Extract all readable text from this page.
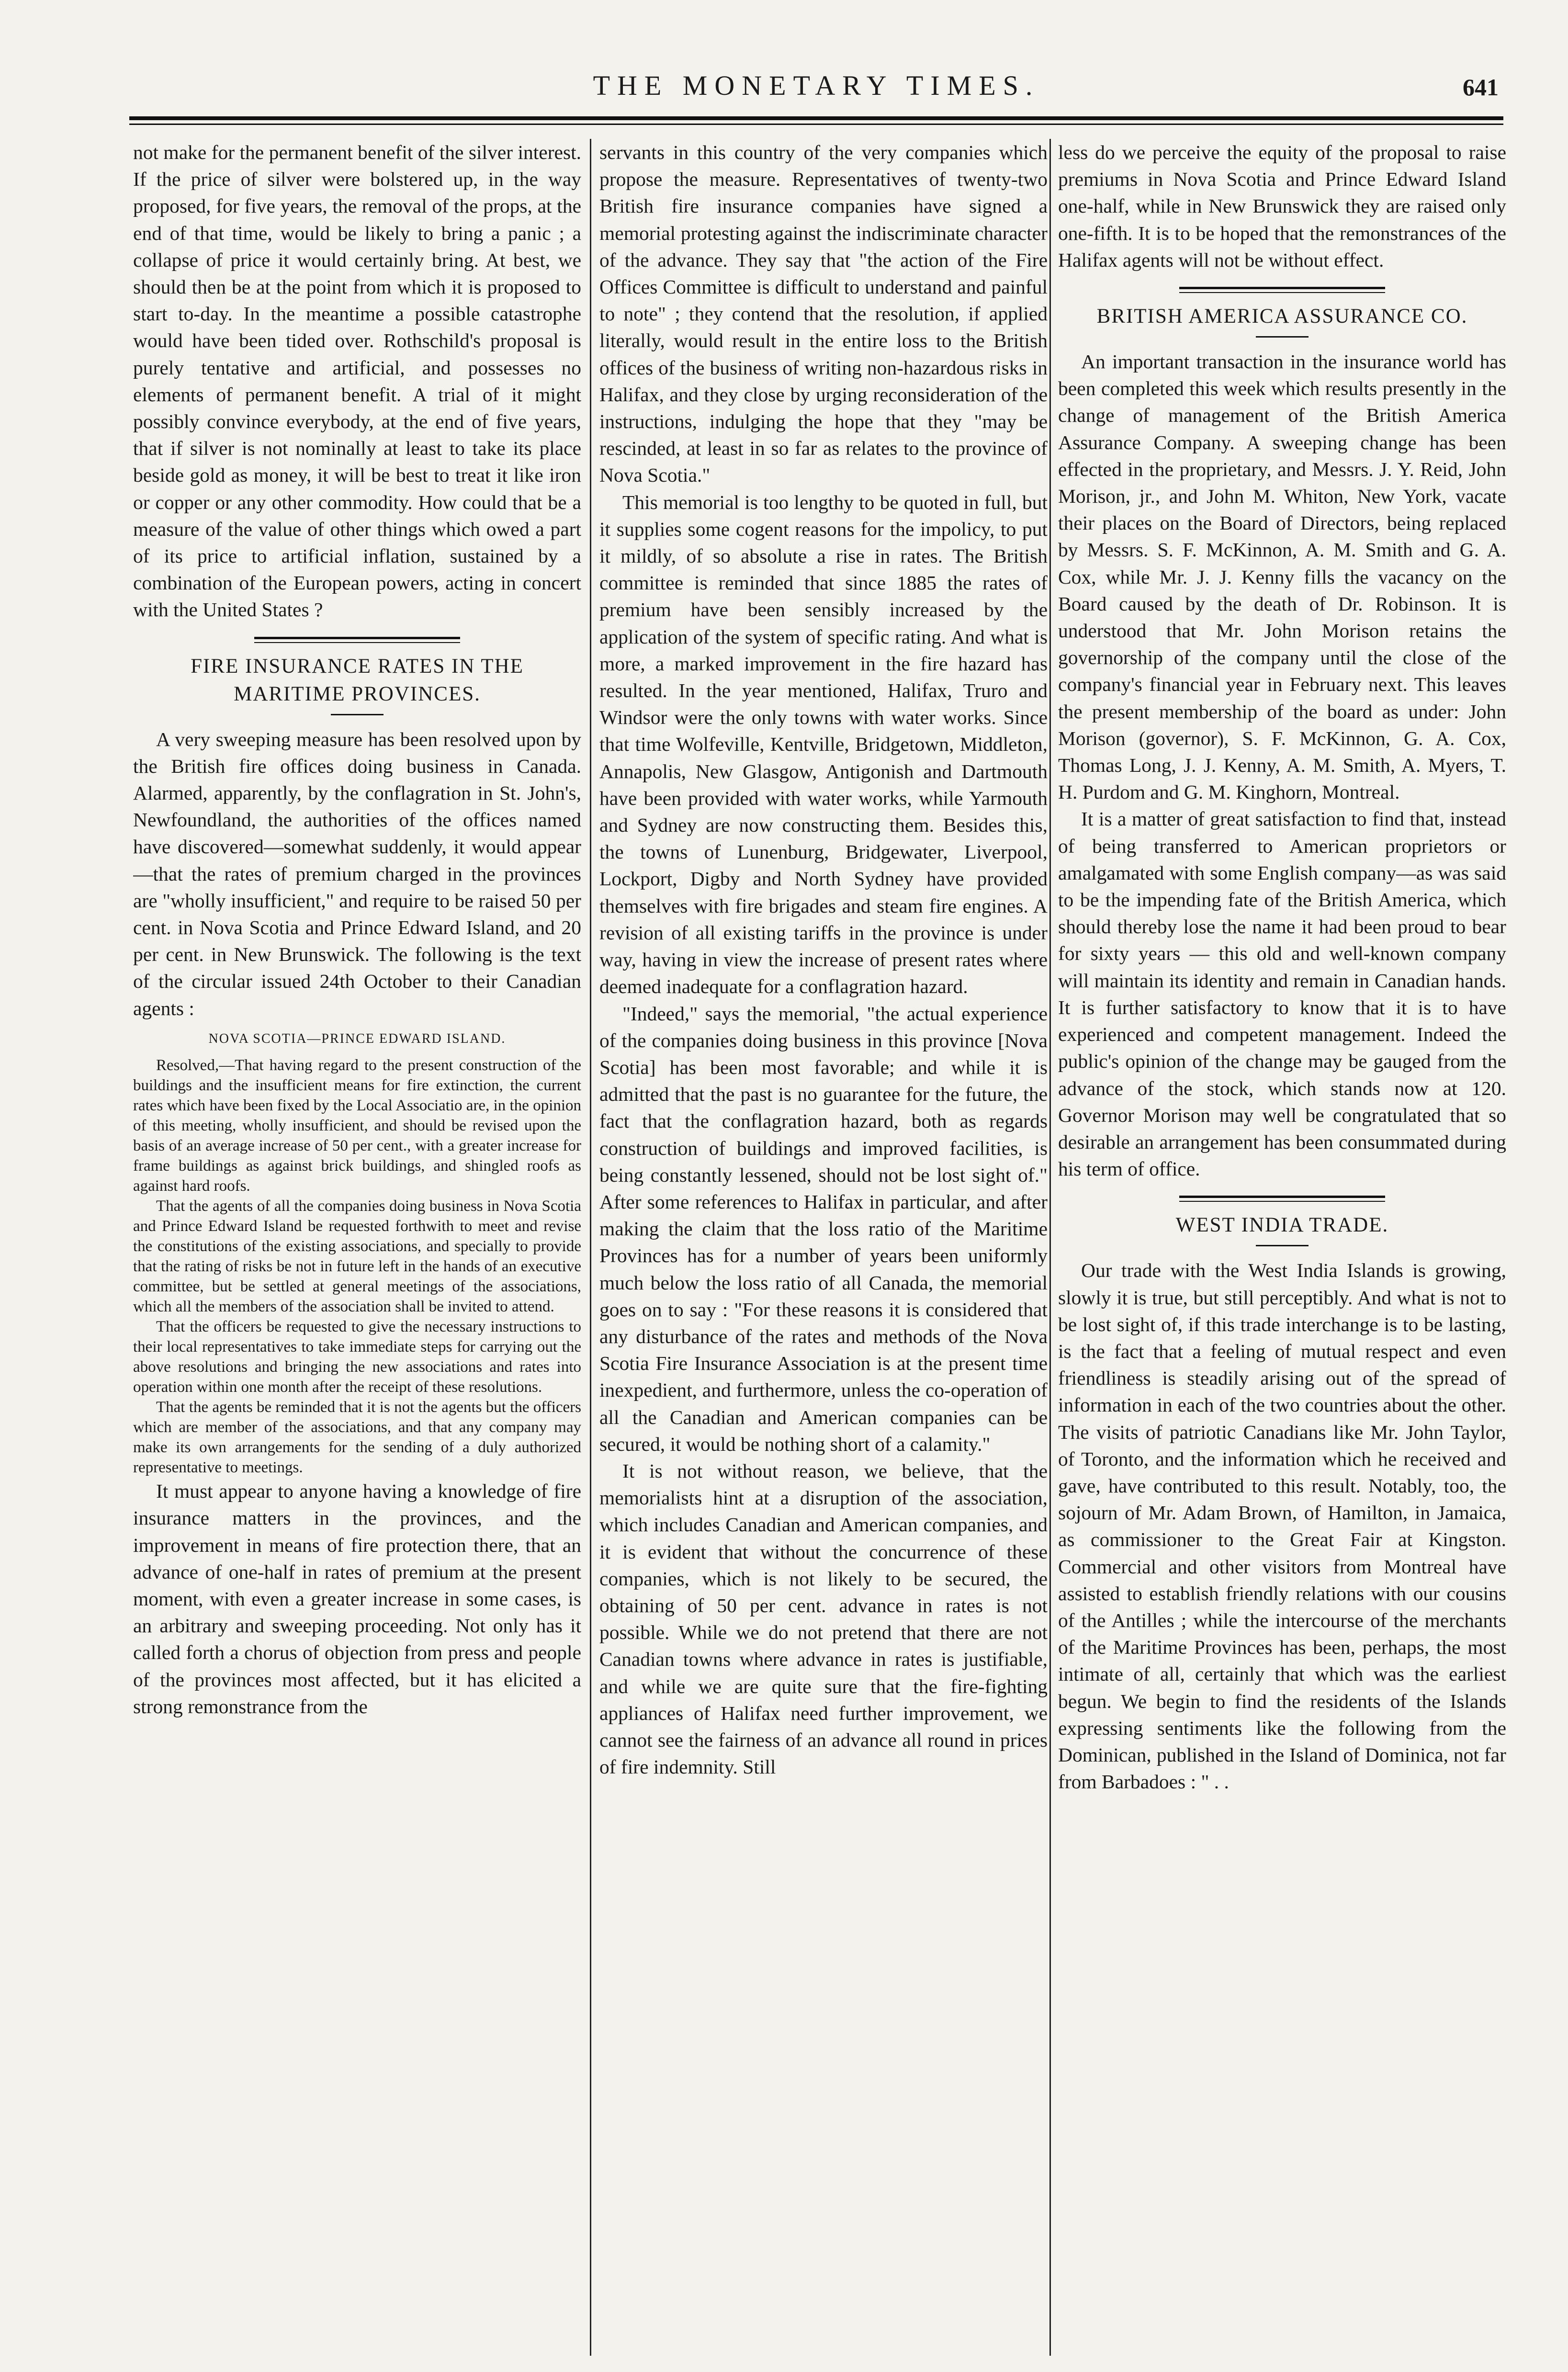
THE MONETARY TIMES.	641

not make for the permanent benefit of the silver interest. If the price of silver were bolstered up, in the way proposed, for five years, the removal of the props, at the end of that time, would be likely to bring a panic ; a collapse of price it would certainly bring. At best, we should then be at the point from which it is proposed to start to-day. In the meantime a possible catastrophe would have been tided over. Rothschild's proposal is purely tentative and artificial, and possesses no elements of permanent benefit. A trial of it might possibly convince everybody, at the end of five years, that if silver is not nominally at least to take its place beside gold as money, it will be best to treat it like iron or copper or any other commodity. How could that be a measure of the value of other things which owed a part of its price to artificial inflation, sustained by a combination of the European powers, acting in concert with the United States ?

FIRE INSURANCE RATES IN THE MARITIME PROVINCES.

A very sweeping measure has been resolved upon by the British fire offices doing business in Canada. Alarmed, apparently, by the conflagration in St. John's, Newfoundland, the authorities of the offices named have discovered—somewhat suddenly, it would appear—that the rates of premium charged in the provinces are "wholly insufficient," and require to be raised 50 per cent. in Nova Scotia and Prince Edward Island, and 20 per cent. in New Brunswick. The following is the text of the circular issued 24th October to their Canadian agents :

NOVA SCOTIA—PRINCE EDWARD ISLAND.

Resolved,—That having regard to the present construction of the buildings and the insufficient means for fire extinction, the current rates which have been fixed by the Local Associatio are, in the opinion of this meeting, wholly insufficient, and should be revised upon the basis of an average increase of 50 per cent., with a greater increase for frame buildings as against brick buildings, and shingled roofs as against hard roofs.

That the agents of all the companies doing business in Nova Scotia and Prince Edward Island be requested forthwith to meet and revise the constitutions of the existing associations, and specially to provide that the rating of risks be not in future left in the hands of an executive committee, but be settled at general meetings of the associations, which all the members of the association shall be invited to attend.

That the officers be requested to give the necessary instructions to their local representatives to take immediate steps for carrying out the above resolutions and bringing the new associations and rates into operation within one month after the receipt of these resolutions.

That the agents be reminded that it is not the agents but the officers which are member of the associations, and that any company may make its own arrangements for the sending of a duly authorized representative to meetings.

It must appear to anyone having a knowledge of fire insurance matters in the provinces, and the improvement in means of fire protection there, that an advance of one-half in rates of premium at the present moment, with even a greater increase in some cases, is an arbitrary and sweeping proceeding. Not only has it called forth a chorus of objection from press and people of the provinces most affected, but it has elicited a strong remonstrance from the

servants in this country of the very companies which propose the measure. Representatives of twenty-two British fire insurance companies have signed a memorial protesting against the indiscriminate character of the advance. They say that "the action of the Fire Offices Committee is difficult to understand and painful to note" ; they contend that the resolution, if applied literally, would result in the entire loss to the British offices of the business of writing non-hazardous risks in Halifax, and they close by urging reconsideration of the instructions, indulging the hope that they "may be rescinded, at least in so far as relates to the province of Nova Scotia."

This memorial is too lengthy to be quoted in full, but it supplies some cogent reasons for the impolicy, to put it mildly, of so absolute a rise in rates. The British committee is reminded that since 1885 the rates of premium have been sensibly increased by the application of the system of specific rating. And what is more, a marked improvement in the fire hazard has resulted. In the year mentioned, Halifax, Truro and Windsor were the only towns with water works. Since that time Wolfeville, Kentville, Bridgetown, Middleton, Annapolis, New Glasgow, Antigonish and Dartmouth have been provided with water works, while Yarmouth and Sydney are now constructing them. Besides this, the towns of Lunenburg, Bridgewater, Liverpool, Lockport, Digby and North Sydney have provided themselves with fire brigades and steam fire engines. A revision of all existing tariffs in the province is under way, having in view the increase of present rates where deemed inadequate for a conflagration hazard.

"Indeed," says the memorial, "the actual experience of the companies doing business in this province [Nova Scotia] has been most favorable; and while it is admitted that the past is no guarantee for the future, the fact that the conflagration hazard, both as regards construction of buildings and improved facilities, is being constantly lessened, should not be lost sight of." After some references to Halifax in particular, and after making the claim that the loss ratio of the Maritime Provinces has for a number of years been uniformly much below the loss ratio of all Canada, the memorial goes on to say : "For these reasons it is considered that any disturbance of the rates and methods of the Nova Scotia Fire Insurance Association is at the present time inexpedient, and furthermore, unless the co-operation of all the Canadian and American companies can be secured, it would be nothing short of a calamity."

It is not without reason, we believe, that the memorialists hint at a disruption of the association, which includes Canadian and American companies, and it is evident that without the concurrence of these companies, which is not likely to be secured, the obtaining of 50 per cent. advance in rates is not possible. While we do not pretend that there are not Canadian towns where advance in rates is justifiable, and while we are quite sure that the fire-fighting appliances of Halifax need further improvement, we cannot see the fairness of an advance all round in prices of fire indemnity. Still

less do we perceive the equity of the proposal to raise premiums in Nova Scotia and Prince Edward Island one-half, while in New Brunswick they are raised only one-fifth. It is to be hoped that the remonstrances of the Halifax agents will not be without effect.

BRITISH AMERICA ASSURANCE CO.

An important transaction in the insurance world has been completed this week which results presently in the change of management of the British America Assurance Company. A sweeping change has been effected in the proprietary, and Messrs. J. Y. Reid, John Morison, jr., and John M. Whiton, New York, vacate their places on the Board of Directors, being replaced by Messrs. S. F. McKinnon, A. M. Smith and G. A. Cox, while Mr. J. J. Kenny fills the vacancy on the Board caused by the death of Dr. Robinson. It is understood that Mr. John Morison retains the governorship of the company until the close of the company's financial year in February next. This leaves the present membership of the board as under: John Morison (governor), S. F. McKinnon, G. A. Cox, Thomas Long, J. J. Kenny, A. M. Smith, A. Myers, T. H. Purdom and G. M. Kinghorn, Montreal.

It is a matter of great satisfaction to find that, instead of being transferred to American proprietors or amalgamated with some English company—as was said to be the impending fate of the British America, which should thereby lose the name it had been proud to bear for sixty years — this old and well-known company will maintain its identity and remain in Canadian hands. It is further satisfactory to know that it is to have experienced and competent management. Indeed the public's opinion of the change may be gauged from the advance of the stock, which stands now at 120. Governor Morison may well be congratulated that so desirable an arrangement has been consummated during his term of office.

WEST INDIA TRADE.

Our trade with the West India Islands is growing, slowly it is true, but still perceptibly. And what is not to be lost sight of, if this trade interchange is to be lasting, is the fact that a feeling of mutual respect and even friendliness is steadily arising out of the spread of information in each of the two countries about the other. The visits of patriotic Canadians like Mr. John Taylor, of Toronto, and the information which he received and gave, have contributed to this result. Notably, too, the sojourn of Mr. Adam Brown, of Hamilton, in Jamaica, as commissioner to the Great Fair at Kingston. Commercial and other visitors from Montreal have assisted to establish friendly relations with our cousins of the Antilles ; while the intercourse of the merchants of the Maritime Provinces has been, perhaps, the most intimate of all, certainly that which was the earliest begun. We begin to find the residents of the Islands expressing sentiments like the following from the Dominican, published in the Island of Dominica, not far from Barbadoes : " . .
